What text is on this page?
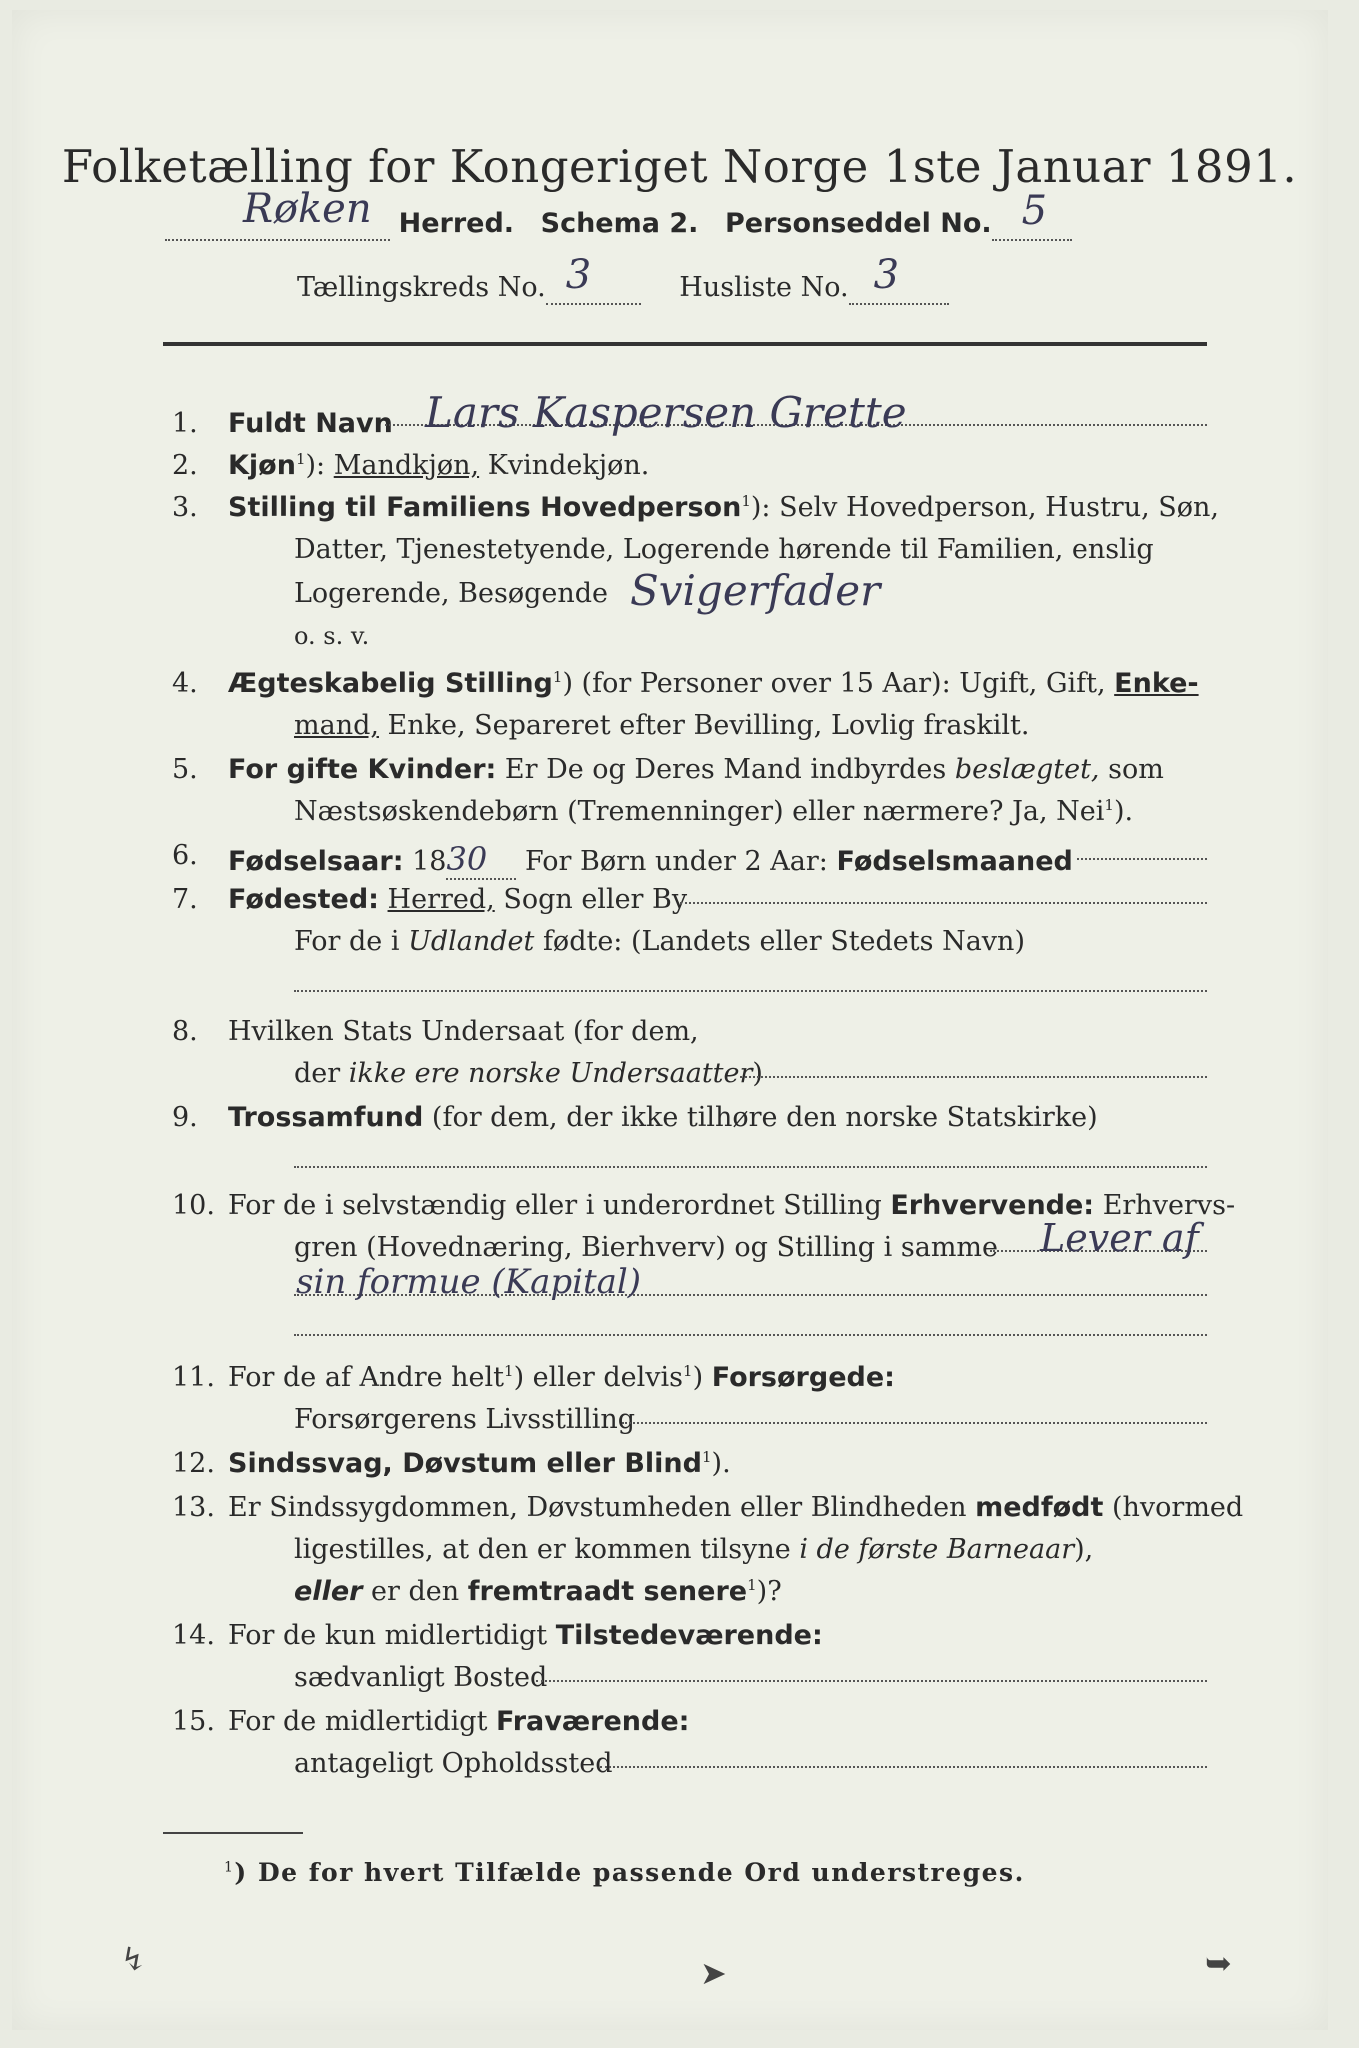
Folketælling for Kongeriget Norge 1ste Januar 1891.
Røken Herred. Schema 2. Personseddel No. 5

Tællingskreds No. 3	Husliste No. 3

1.	Fuldt Navn Lars Kaspersen Grette
2.	Kjøn$^1$): Mandkjøn, Kvindekjøn.
3.	Stilling til Familiens Hovedperson$^1$): Selv Hovedperson, Hustru, Søn,
Datter, Tjenestetyende, Logerende hørende til Familien, enslig
Logerende, Besøgende Svigerfader
o. s. v.
4.	Ægteskabelig Stilling$^1$) (for Personer over 15 Aar): Ugift, Gift, Enke-
mand, Enke, Separeret efter Bevilling, Lovlig fraskilt.
5.	For gifte Kvinder: Er De og Deres Mand indbyrdes beslægtet, som
Næstsøskendebørn (Tremenninger) eller nærmere? Ja, Nei$^1$).
6.	Fødselsaar: 1830 For Børn under 2 Aar: Fødselsmaaned
7.	Fødested: Herred, Sogn eller By
For de i Udlandet fødte: (Landets eller Stedets Navn)
8.	Hvilken Stats Undersaat (for dem,
der ikke ere norske Undersaatter)
9.	Trossamfund (for dem, der ikke tilhøre den norske Statskirke)
10. For de i selvstændig eller i underordnet Stilling Erhvervende: Erhvervs-
gren (Hovednæring, Bierhverv) og Stilling i samme Lever af
sin formue (Kapital)
11. For de af Andre helt$^1$) eller delvis$^1$) Forsørgede:
Forsørgerens Livsstilling
12. Sindssvag, Døvstum eller Blind$^1$).
13. Er Sindssygdommen, Døvstumheden eller Blindheden medfødt (hvormed
ligestilles, at den er kommen tilsyne i de første Barneaar),
eller er den fremtraadt senere$^1$)?
14. For de kun midlertidigt Tilstedeværende:
sædvanligt Bosted
15. For de midlertidigt Fraværende:
antageligt Opholdssted
$^1$) De for hvert Tilfælde passende Ord understreges.
↯	➤	➥
